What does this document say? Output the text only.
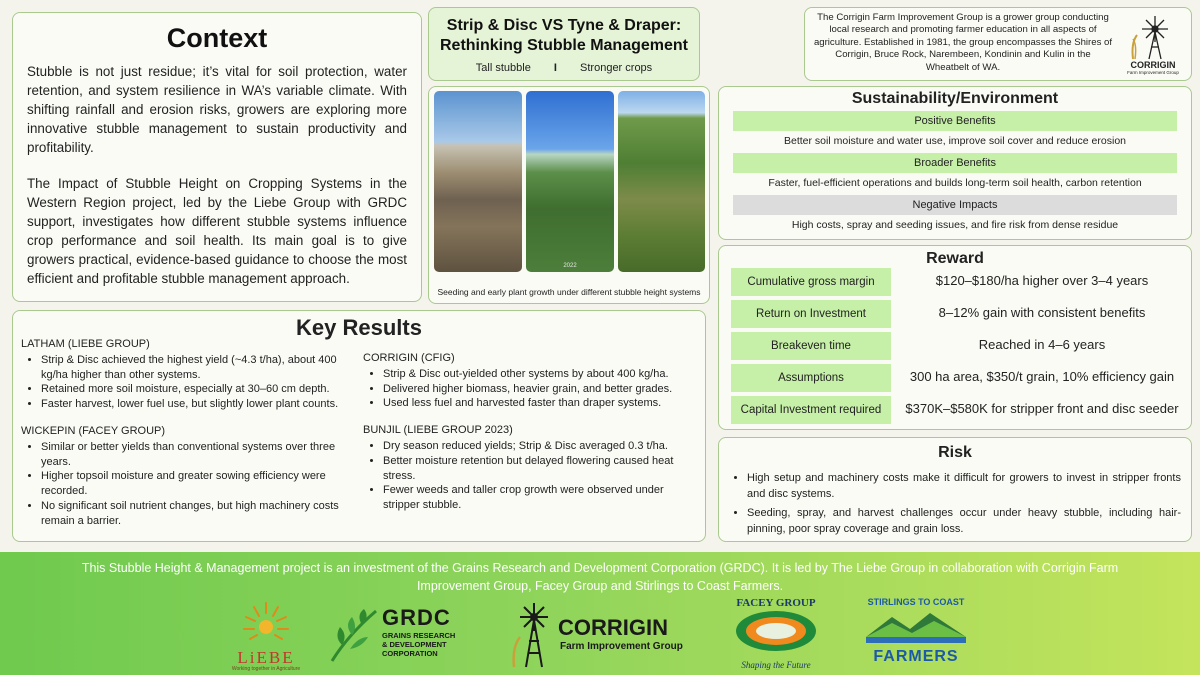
Context

Stubble is not just residue; it’s vital for soil protection, water retention, and system resilience in WA’s variable climate. With shifting rainfall and erosion risks, growers are exploring more innovative stubble management to sustain productivity and profitability.

The Impact of Stubble Height on Cropping Systems in the Western Region project, led by the Liebe Group with GRDC support, investigates how different stubble systems influence crop performance and soil health. Its main goal is to give growers practical, evidence-based guidance to choose the most efficient and profitable stubble management approach.

Strip & Disc VS Tyne & Draper:
Rethinking Stubble Management
Tall stubble I Stronger crops

The Corrigin Farm Improvement Group is a grower group conducting local research and promoting farmer education in all aspects of agriculture. Established in 1981, the group encompasses the Shires of Corrigin, Bruce Rock, Narembeen, Kondinin and Kulin in the Wheatbelt of WA.	CORRIGIN
Farm Improvement Group
2022
Seeding and early plant growth under different stubble height systems
Sustainability/Environment
Positive Benefits
Better soil moisture and water use, improve soil cover and reduce erosion
Broader Benefits
Faster, fuel-efficient operations and builds long-term soil health, carbon retention
Negative Impacts
High costs, spray and seeding issues, and fire risk from dense residue
Reward
Cumulative gross margin	$120–$180/ha higher over 3–4 years
Return on Investment	8–12% gain with consistent benefits
Breakeven time	Reached in 4–6 years
Assumptions	300 ha area, $350/t grain, 10% efficiency gain
Capital Investment required	$370K–$580K for stripper front and disc seeder
Key Results
LATHAM (LIEBE GROUP)
• Strip & Disc achieved the highest yield (~4.3 t/ha), about 400 kg/ha higher than other systems.
• Retained more soil moisture, especially at 30–60 cm depth.
• Faster harvest, lower fuel use, but slightly lower plant counts.
WICKEPIN (FACEY GROUP)
• Similar or better yields than conventional systems over three years.
• Higher topsoil moisture and greater sowing efficiency were recorded.
• No significant soil nutrient changes, but high machinery costs remain a barrier.
CORRIGIN (CFIG)
• Strip & Disc out-yielded other systems by about 400 kg/ha.
• Delivered higher biomass, heavier grain, and better grades.
• Used less fuel and harvested faster than draper systems.
BUNJIL (LIEBE GROUP 2023)
• Dry season reduced yields; Strip & Disc averaged 0.3 t/ha.
• Better moisture retention but delayed flowering caused heat stress.
• Fewer weeds and taller crop growth were observed under stripper stubble.
Risk
• High setup and machinery costs make it difficult for growers to invest in stripper fronts and disc systems.
• Seeding, spray, and harvest challenges occur under heavy stubble, including hair-pinning, poor spray coverage and grain loss.
This Stubble Height & Management project is an investment of the Grains Research and Development Corporation (GRDC). It is led by The Liebe Group in collaboration with Corrigin Farm Improvement Group, Facey Group and Stirlings to Coast Farmers.
LiEBE
Working together in Agriculture
GRDC
GRAINS RESEARCH
& DEVELOPMENT
CORPORATION
CORRIGIN
Farm Improvement Group
FACEY GROUP
Shaping the Future
STIRLINGS TO COAST
FARMERS
